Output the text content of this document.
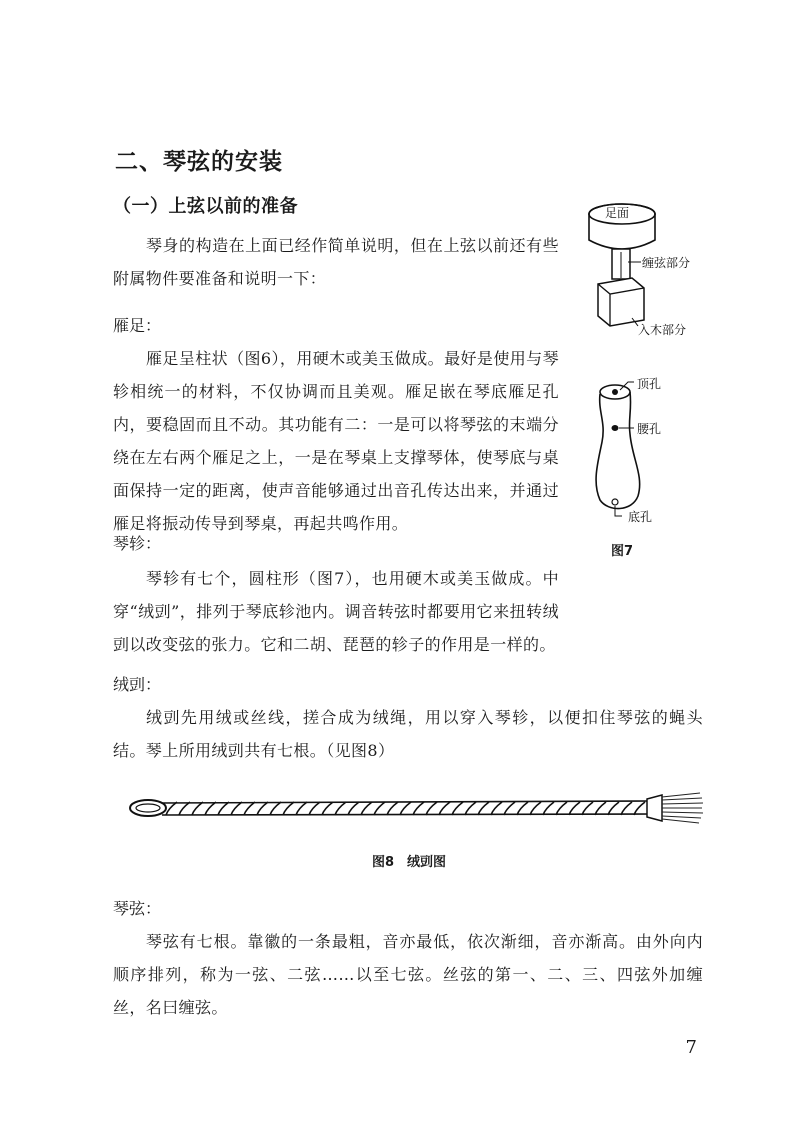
二、琴弦的安装
（一）上弦以前的准备
琴身的构造在上面已经作简单说明，但在上弦以前还有些附属物件要准备和说明一下：
雁足：
雁足呈柱状（图6），用硬木或美玉做成。最好是使用与琴轸相统一的材料，不仅协调而且美观。雁足嵌在琴底雁足孔内，要稳固而且不动。其功能有二：一是可以将琴弦的末端分绕在左右两个雁足之上，一是在琴桌上支撑琴体，使琴底与桌面保持一定的距离，使声音能够通过出音孔传达出来，并通过雁足将振动传导到琴桌，再起共鸣作用。
琴轸：
琴轸有七个，圆柱形（图7），也用硬木或美玉做成。中穿“绒剅”，排列于琴底轸池内。调音转弦时都要用它来扭转绒剅以改变弦的张力。它和二胡、琵琶的轸子的作用是一样的。
绒剅：
绒剅先用绒或丝线，搓合成为绒绳，用以穿入琴轸，以便扣住琴弦的蝇头结。琴上所用绒剅共有七根。（见图8）
图8　绒剅图
琴弦：
琴弦有七根。靠徽的一条最粗，音亦最低，依次渐细，音亦渐高。由外向内顺序排列，称为一弦、二弦……以至七弦。丝弦的第一、二、三、四弦外加缠丝，名曰缠弦。
足面
缠弦部分
入木部分
顶孔
腰孔
底孔
图7
7
